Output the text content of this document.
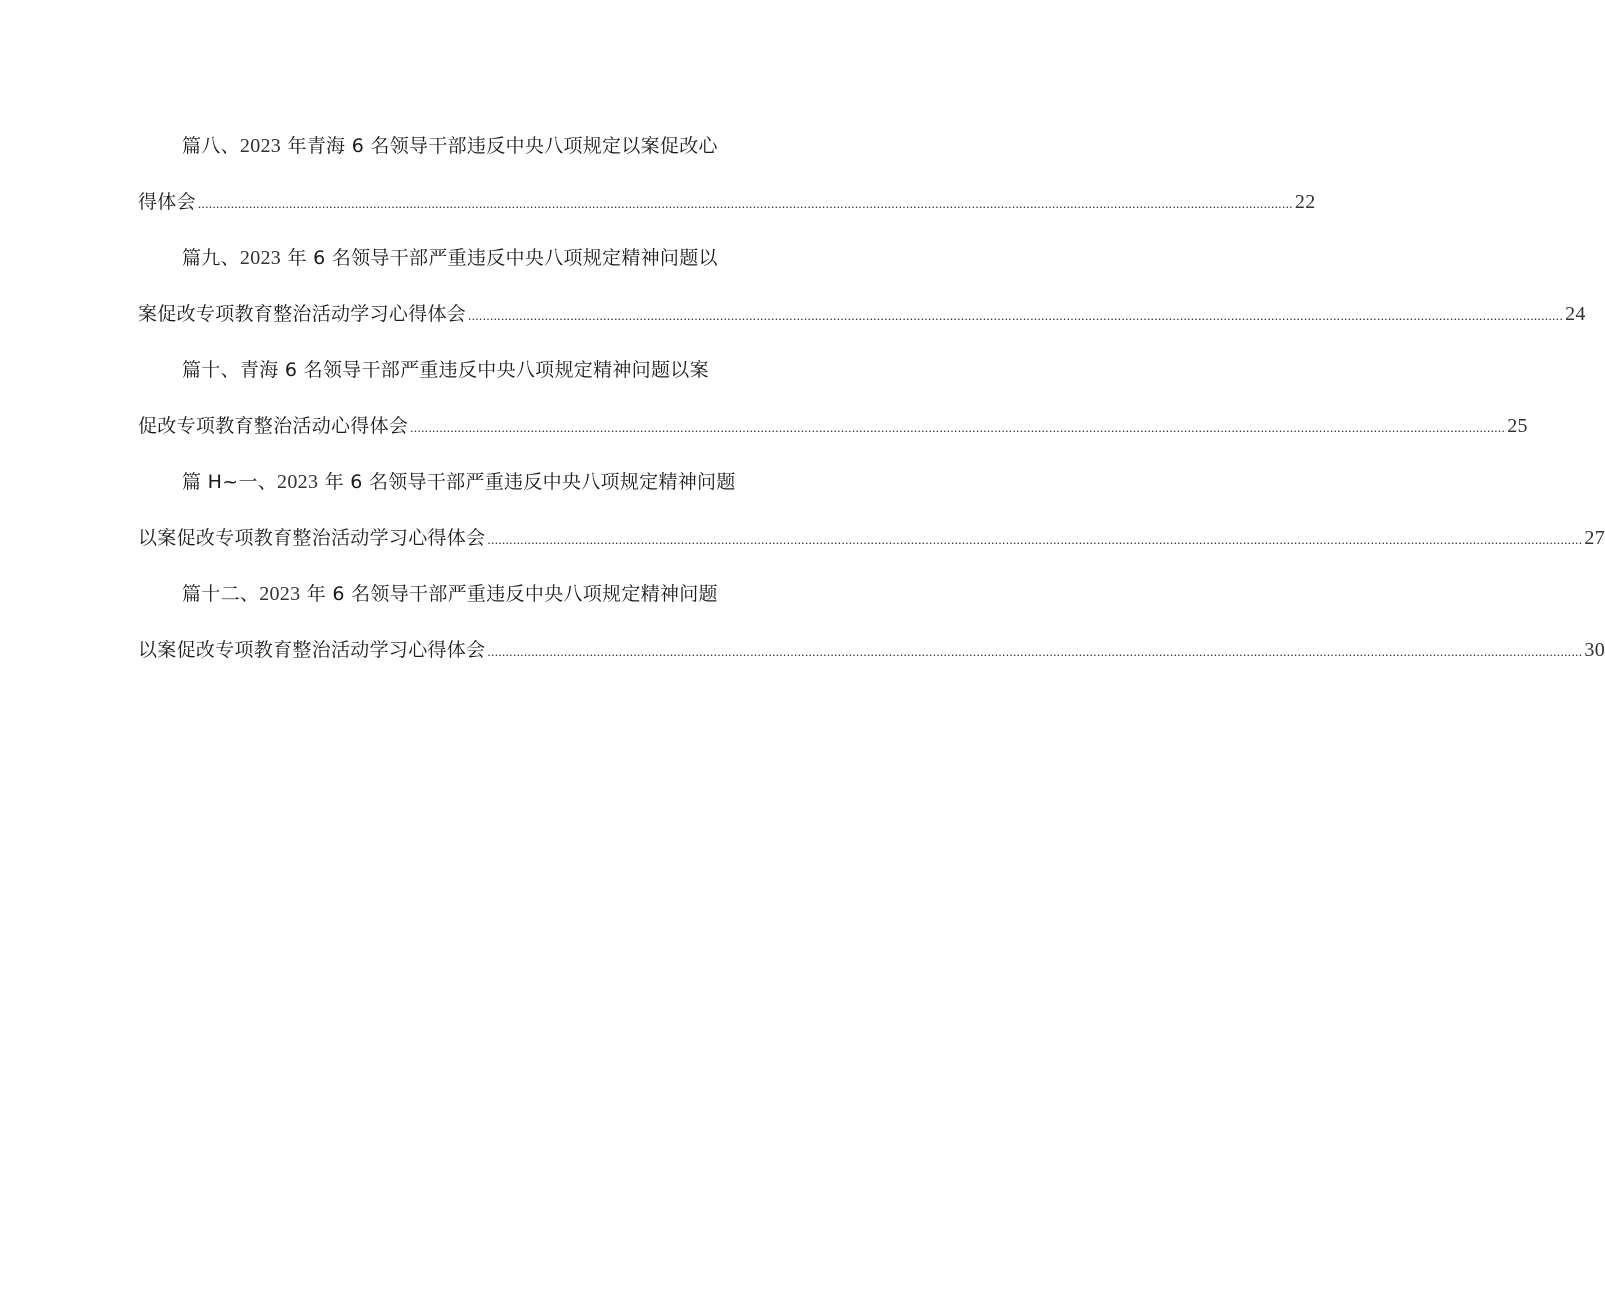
篇八、2023 年青海 6 名领导干部违反中央八项规定以案促改心
得体会 ............................................................................................................................................................................................................................................................................................................ 22
篇九、2023 年 6 名领导干部严重违反中央八项规定精神问题以
案促改专项教育整治活动学习心得体会 ............................................................................................................................................................................................................................................................................................................ 24
篇十、青海 6 名领导干部严重违反中央八项规定精神问题以案
促改专项教育整治活动心得体会 ............................................................................................................................................................................................................................................................................................................ 25
篇 H~一、2023 年 6 名领导干部严重违反中央八项规定精神问题
以案促改专项教育整治活动学习心得体会 ............................................................................................................................................................................................................................................................................................................ 27
篇十二、2023 年 6 名领导干部严重违反中央八项规定精神问题
以案促改专项教育整治活动学习心得体会 ............................................................................................................................................................................................................................................................................................................ 30
